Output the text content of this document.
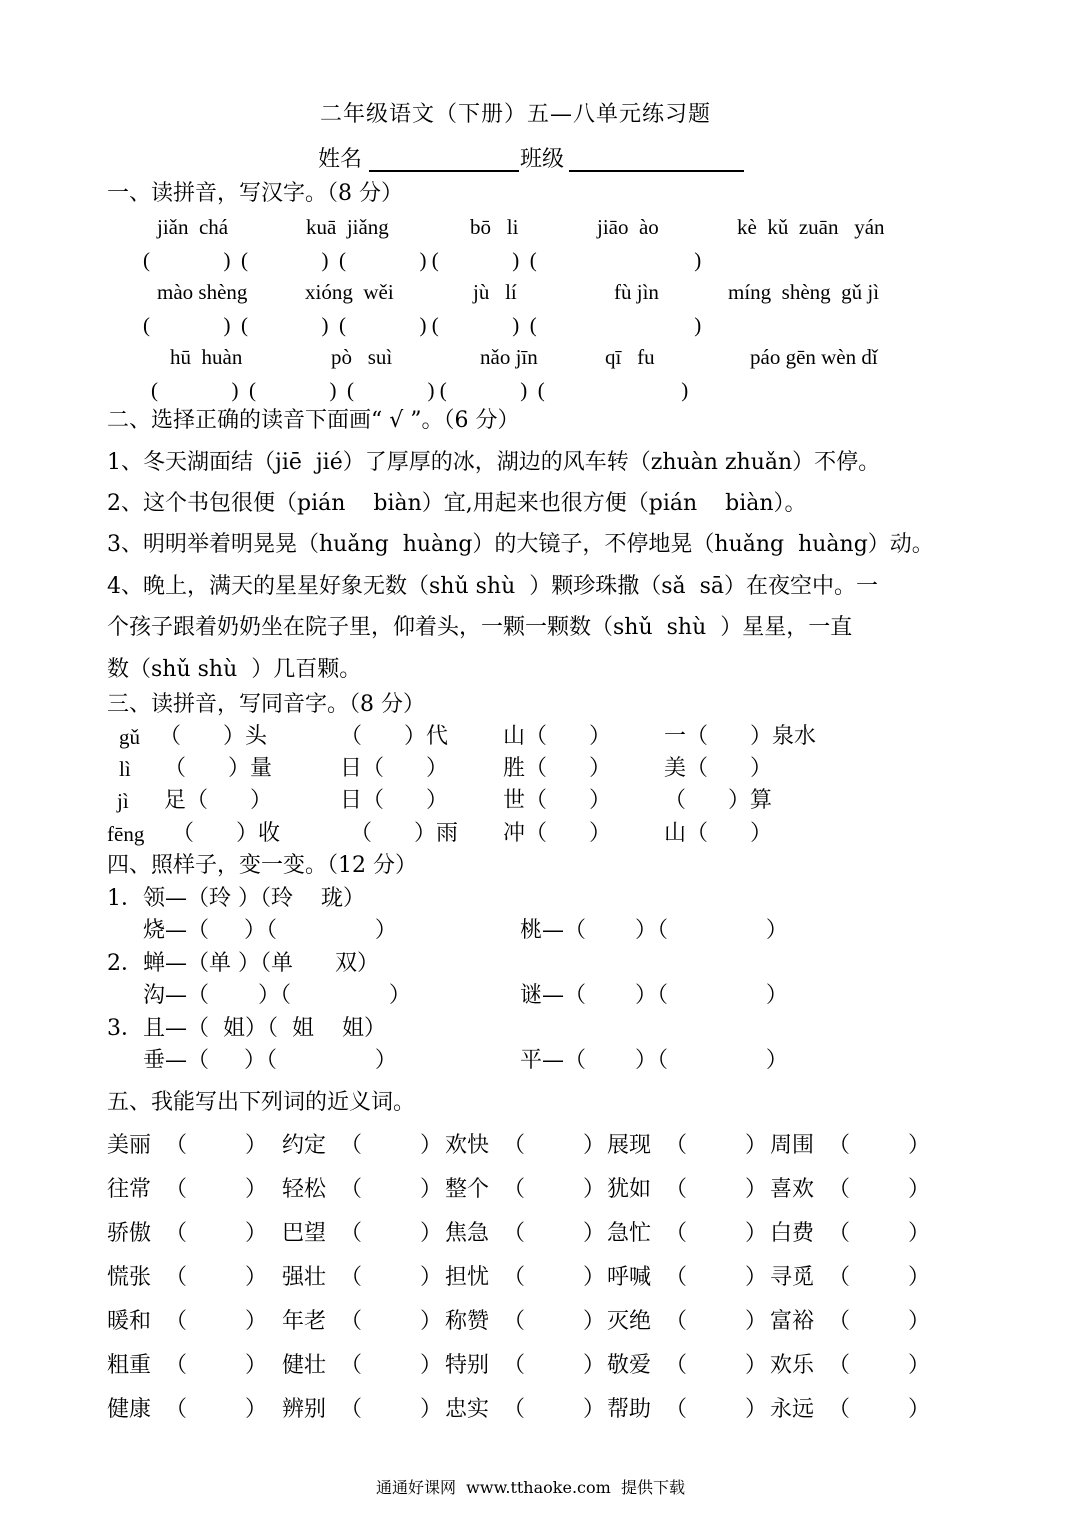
二年级语文（下册）五—八单元练习题
姓名	班级
一、读拼音，写汉字。（8 分）
jiǎn  chá	kuā  jiǎng	bō   li	jiāo  ào	kè  kǔ  zuān   yán
(              )  (              )  (              ) (              )  (                              )
mào shèng	xióng  wěi	jù   lí	fù jìn	míng  shèng  gǔ jì
(              )  (              )  (              ) (              )  (                              )
hū  huàn	pò   suì	nǎo jīn	qī   fu	páo gēn wèn dǐ
(              )  (              )  (              ) (              )  (                          )
二、选择正确的读音下面画“ √ ”。（6 分）
1、冬天湖面结（jiē  jié）了厚厚的冰，湖边的风车转（zhuàn zhuǎn）不停。
2、这个书包很便（pián    biàn）宜,用起来也很方便（pián    biàn）。
3、明明举着明晃晃（huǎng  huàng）的大镜子，不停地晃（huǎng  huàng）动。
4、晚上，满天的星星好象无数（shǔ shù  ）颗珍珠撒（sǎ  sā）在夜空中。一
个孩子跟着奶奶坐在院子里，仰着头，一颗一颗数（shǔ  shù  ）星星，一直
数（shǔ shù  ）几百颗。
三、读拼音，写同音字。（8 分）
gǔ （      ）头	（      ）代	山（      ） 一（      ）泉水
lì （      ）量	日（      ）	胜（      ） 美（      ）
jì 足（      ）	日（      ）	世（      ） （      ）算
fēng （      ）收	（      ）雨 冲（      ） 山（      ）
四、照样子，变一变。（12 分）
1．领—（玲 ）（玲    珑）
烧—（     ）（              ）	桃—（       ）（              ）
2．蝉—（单 ）（单      双）
沟—（       ）（              ）	谜—（       ）（              ）
3．且—（  姐）（  姐    姐）
垂—（     ）（              ）	平—（       ）（              ）
五、我能写出下列词的近义词。
美丽 （	） 约定 （	） 欢快 （	） 展现 （	） 周围 （	）
往常 （	） 轻松 （	） 整个 （	） 犹如 （	） 喜欢 （	）
骄傲 （	） 巴望 （	） 焦急 （	） 急忙 （	） 白费 （	）
慌张 （	） 强壮 （	） 担忧 （	） 呼喊 （	） 寻觅 （	）
暖和 （	） 年老 （	） 称赞 （	） 灭绝 （	） 富裕 （	）
粗重 （	） 健壮 （	） 特别 （	） 敬爱 （	） 欢乐 （	）
健康 （	） 辨别 （	） 忠实 （	） 帮助 （	） 永远 （	）
通通好课网  www.tthaoke.com  提供下载
